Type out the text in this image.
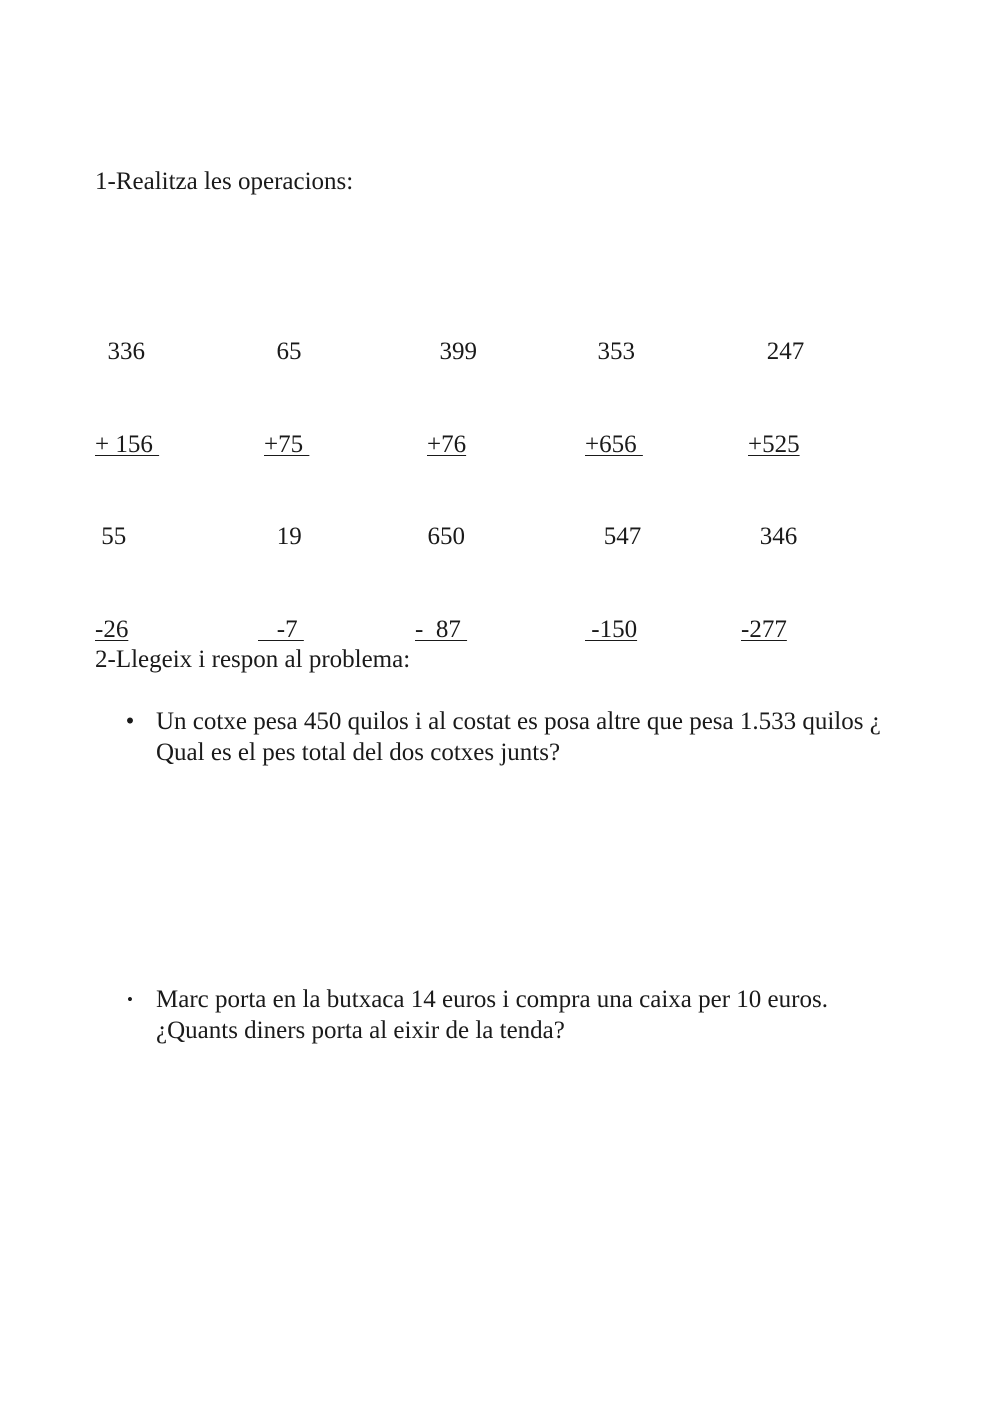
1-Realitza les operacions:

336

+ 156

65

+75

399

+76

353

+656

247

+525

55

-26

19

-7

650

-  87

547

-150

346

-277

2-Llegeix i respon al problema:
• Un cotxe pesa 450 quilos i al costat es posa altre que pesa 1.533 quilos ¿ Qual es el pes total del dos cotxes junts?
• Marc porta en la butxaca 14 euros i compra una caixa per 10 euros. ¿Quants diners porta al eixir de la tenda?
